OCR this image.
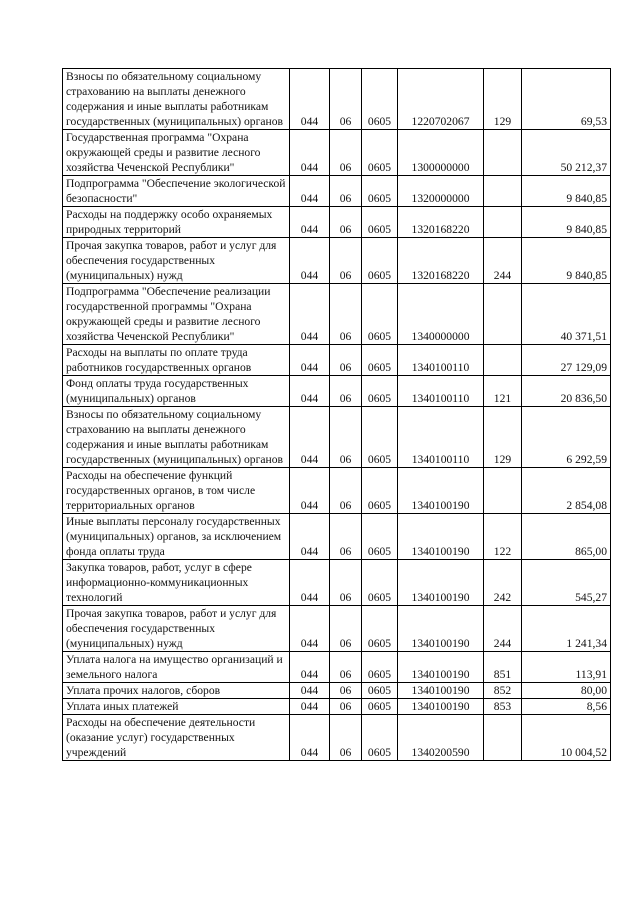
Взносы по обязательному социальному страхованию на выплаты денежного содержания и иные выплаты работникам государственных (муниципальных) органов	044	06	0605	1220702067	129	69,53
Государственная программа "Охрана окружающей среды и развитие лесного хозяйства Чеченской Республики"	044	06	0605	1300000000		50 212,37
Подпрограмма "Обеспечение экологической безопасности"	044	06	0605	1320000000		9 840,85
Расходы на поддержку особо охраняемых природных территорий	044	06	0605	1320168220		9 840,85
Прочая закупка товаров, работ и услуг для обеспечения государственных (муниципальных) нужд	044	06	0605	1320168220	244	9 840,85
Подпрограмма "Обеспечение реализации государственной программы "Охрана окружающей среды и развитие лесного хозяйства Чеченской Республики"	044	06	0605	1340000000		40 371,51
Расходы на выплаты по оплате труда работников государственных органов	044	06	0605	1340100110		27 129,09
Фонд оплаты труда государственных (муниципальных) органов	044	06	0605	1340100110	121	20 836,50
Взносы по обязательному социальному страхованию на выплаты денежного содержания и иные выплаты работникам государственных (муниципальных) органов	044	06	0605	1340100110	129	6 292,59
Расходы на обеспечение функций государственных органов, в том числе территориальных органов	044	06	0605	1340100190		2 854,08
Иные выплаты персоналу государственных (муниципальных) органов, за исключением фонда оплаты труда	044	06	0605	1340100190	122	865,00
Закупка товаров, работ, услуг в сфере информационно-коммуникационных технологий	044	06	0605	1340100190	242	545,27
Прочая закупка товаров, работ и услуг для обеспечения государственных (муниципальных) нужд	044	06	0605	1340100190	244	1 241,34
Уплата налога на имущество организаций и земельного налога	044	06	0605	1340100190	851	113,91
Уплата прочих налогов, сборов	044	06	0605	1340100190	852	80,00
Уплата иных платежей	044	06	0605	1340100190	853	8,56
Расходы на обеспечение деятельности (оказание услуг) государственных учреждений	044	06	0605	1340200590		10 004,52
